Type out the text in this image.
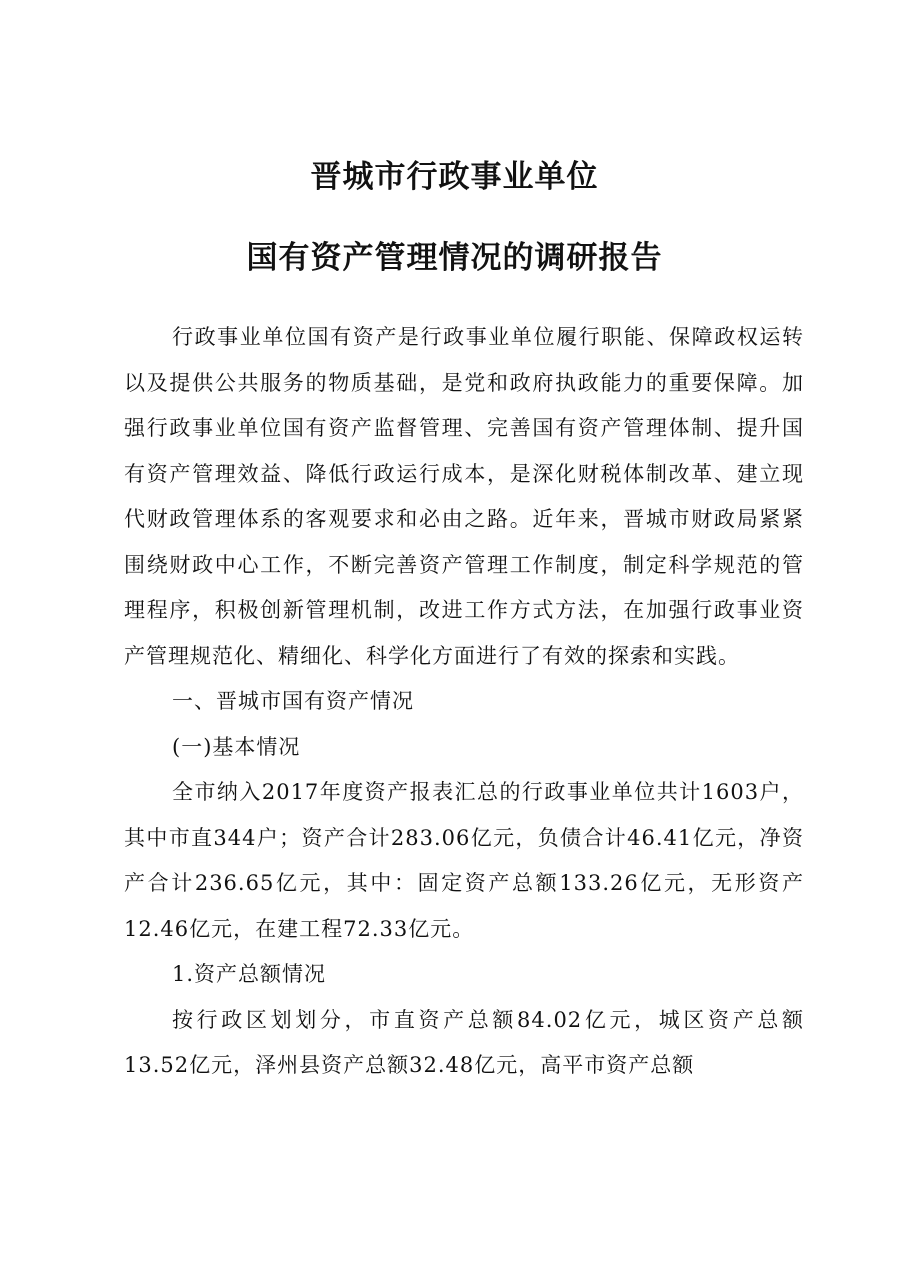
晋城市行政事业单位
国有资产管理情况的调研报告

行政事业单位国有资产是行政事业单位履行职能、保障政权运转以及提供公共服务的物质基础，是党和政府执政能力的重要保障。加强行政事业单位国有资产监督管理、完善国有资产管理体制、提升国有资产管理效益、降低行政运行成本，是深化财税体制改革、建立现代财政管理体系的客观要求和必由之路。近年来，晋城市财政局紧紧围绕财政中心工作，不断完善资产管理工作制度，制定科学规范的管理程序，积极创新管理机制，改进工作方式方法，在加强行政事业资产管理规范化、精细化、科学化方面进行了有效的探索和实践。

一、晋城市国有资产情况

(一)基本情况

全市纳入2017年度资产报表汇总的行政事业单位共计1603户，其中市直344户；资产合计283.06亿元，负债合计46.41亿元，净资产合计236.65亿元，其中：固定资产总额133.26亿元，无形资产12.46亿元，在建工程72.33亿元。

1.资产总额情况

按行政区划划分，市直资产总额84.02亿元，城区资产总额13.52亿元，泽州县资产总额32.48亿元，高平市资产总额
